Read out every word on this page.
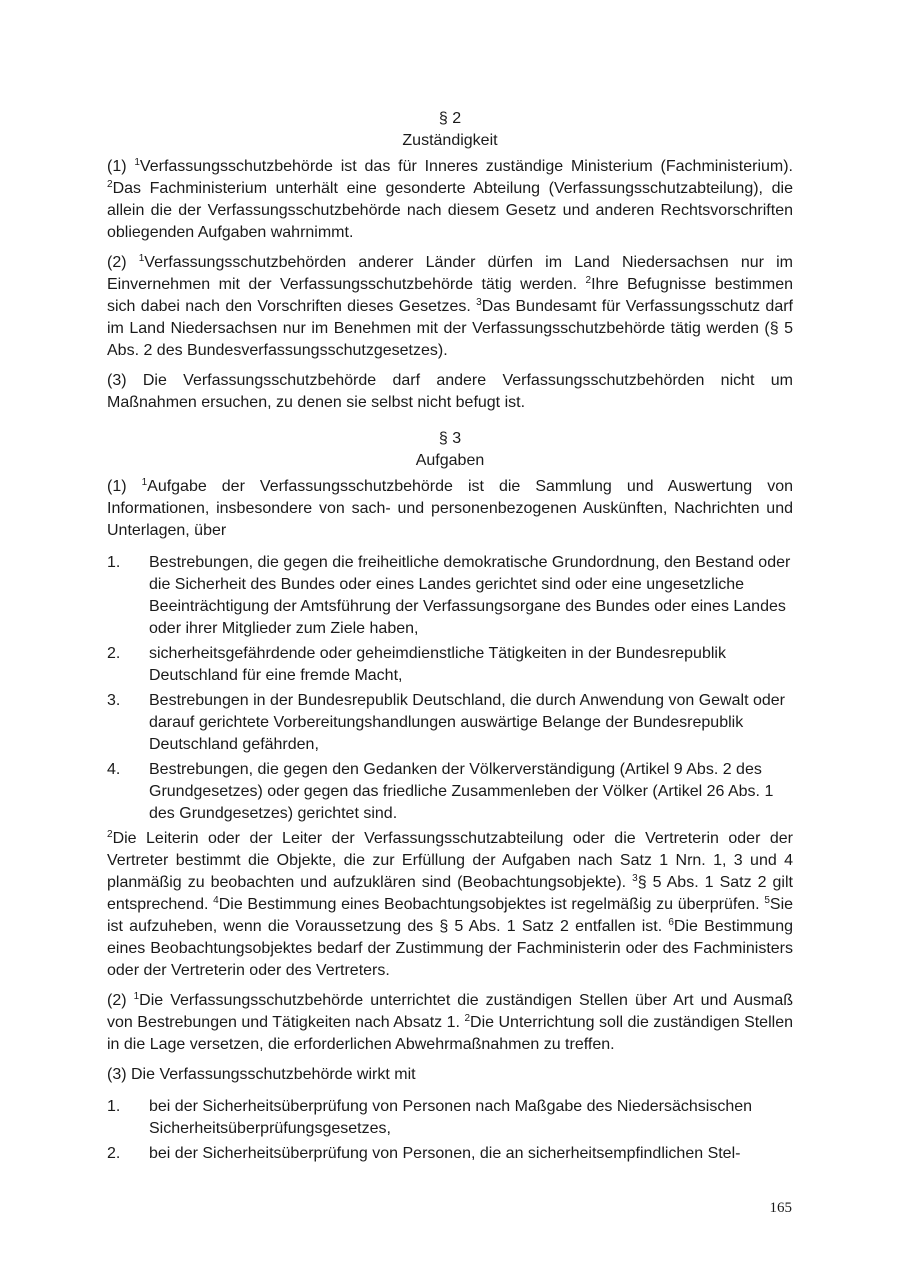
§ 2

Zuständigkeit

(1) $^1$Verfassungsschutzbehörde ist das für Inneres zuständige Ministerium (Fachministerium). $^2$Das Fachministerium unterhält eine gesonderte Abteilung (Verfassungsschutzabteilung), die allein die der Verfassungsschutzbehörde nach diesem Gesetz und anderen Rechtsvorschriften obliegenden Aufgaben wahrnimmt.

(2) $^1$Verfassungsschutzbehörden anderer Länder dürfen im Land Niedersachsen nur im Einvernehmen mit der Verfassungsschutzbehörde tätig werden. $^2$Ihre Befugnisse bestimmen sich dabei nach den Vorschriften dieses Gesetzes. $^3$Das Bundesamt für Verfassungsschutz darf im Land Niedersachsen nur im Benehmen mit der Verfassungsschutzbehörde tätig werden (§ 5 Abs. 2 des Bundesverfassungsschutzgesetzes).

(3) Die Verfassungsschutzbehörde darf andere Verfassungsschutzbehörden nicht um Maßnahmen ersuchen, zu denen sie selbst nicht befugt ist.

§ 3

Aufgaben

(1) $^1$Aufgabe der Verfassungsschutzbehörde ist die Sammlung und Auswertung von Informationen, insbesondere von sach- und personenbezogenen Auskünften, Nachrichten und Unterlagen, über

1. Bestrebungen, die gegen die freiheitliche demokratische Grundordnung, den Bestand oder die Sicherheit des Bundes oder eines Landes gerichtet sind oder eine ungesetzliche Beeinträchtigung der Amtsführung der Verfassungsorgane des Bundes oder eines Landes oder ihrer Mitglieder zum Ziele haben,
2. sicherheitsgefährdende oder geheimdienstliche Tätigkeiten in der Bundesrepublik Deutschland für eine fremde Macht,
3. Bestrebungen in der Bundesrepublik Deutschland, die durch Anwendung von Gewalt oder darauf gerichtete Vorbereitungshandlungen auswärtige Belange der Bundesrepublik Deutschland gefährden,
4. Bestrebungen, die gegen den Gedanken der Völkerverständigung (Artikel 9 Abs. 2 des Grundgesetzes) oder gegen das friedliche Zusammenleben der Völker (Artikel 26 Abs. 1 des Grundgesetzes) gerichtet sind.

$^2$Die Leiterin oder der Leiter der Verfassungsschutzabteilung oder die Vertreterin oder der Vertreter bestimmt die Objekte, die zur Erfüllung der Aufgaben nach Satz 1 Nrn. 1, 3 und 4 planmäßig zu beobachten und aufzuklären sind (Beobachtungsobjekte). $^3$§ 5 Abs. 1 Satz 2 gilt entsprechend. $^4$Die Bestimmung eines Beobachtungsobjektes ist regelmäßig zu überprüfen. $^5$Sie ist aufzuheben, wenn die Voraussetzung des § 5 Abs. 1 Satz 2 entfallen ist. $^6$Die Bestimmung eines Beobachtungsobjektes bedarf der Zustimmung der Fachministerin oder des Fachministers oder der Vertreterin oder des Vertreters.

(2) $^1$Die Verfassungsschutzbehörde unterrichtet die zuständigen Stellen über Art und Ausmaß von Bestrebungen und Tätigkeiten nach Absatz 1. $^2$Die Unterrichtung soll die zuständigen Stellen in die Lage versetzen, die erforderlichen Abwehrmaßnahmen zu treffen.

(3) Die Verfassungsschutzbehörde wirkt mit

1. bei der Sicherheitsüberprüfung von Personen nach Maßgabe des Niedersächsischen Sicherheitsüberprüfungsgesetzes,
2. bei der Sicherheitsüberprüfung von Personen, die an sicherheitsempfindlichen Stel-
165
